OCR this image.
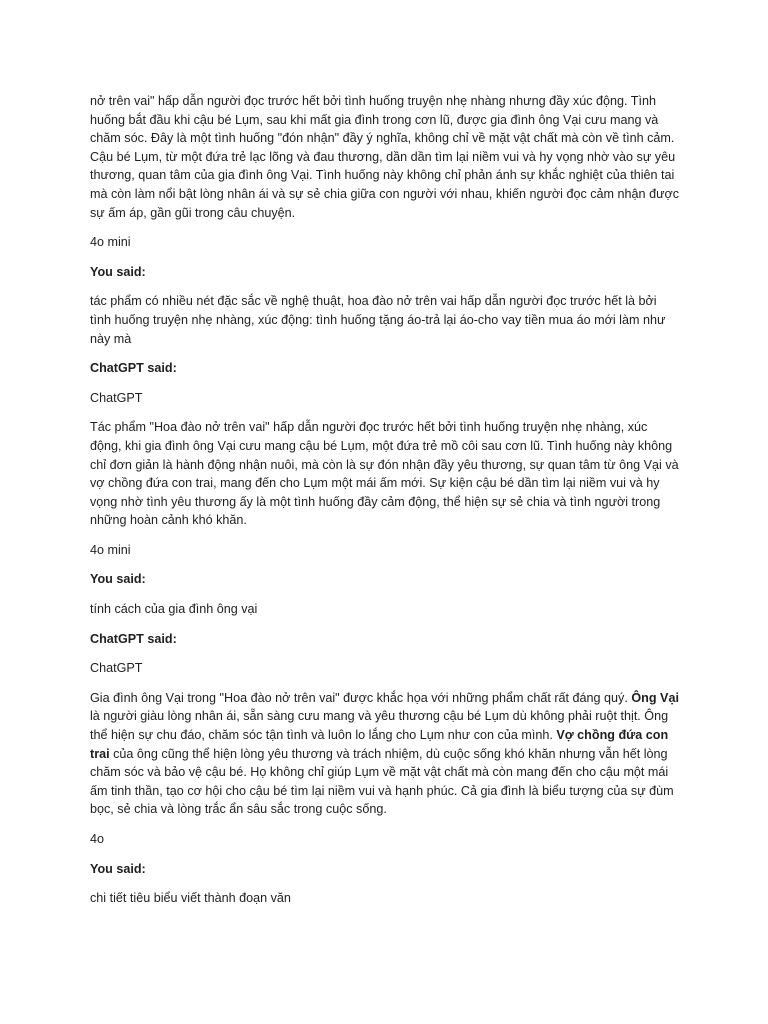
nở trên vai" hấp dẫn người đọc trước hết bởi tình huống truyện nhẹ nhàng nhưng đầy xúc động. Tình huống bắt đầu khi cậu bé Lụm, sau khi mất gia đình trong cơn lũ, được gia đình ông Vại cưu mang và chăm sóc. Đây là một tình huống "đón nhận" đầy ý nghĩa, không chỉ về mặt vật chất mà còn về tình cảm. Cậu bé Lụm, từ một đứa trẻ lạc lõng và đau thương, dần dần tìm lại niềm vui và hy vọng nhờ vào sự yêu thương, quan tâm của gia đình ông Vại. Tình huống này không chỉ phản ánh sự khắc nghiệt của thiên tai mà còn làm nổi bật lòng nhân ái và sự sẻ chia giữa con người với nhau, khiến người đọc cảm nhận được sự ấm áp, gần gũi trong câu chuyện.

4o mini

You said:

tác phẩm có nhiều nét đặc sắc về nghệ thuật, hoa đào nở trên vai hấp dẫn người đọc trước hết là bởi tình huống truyện nhẹ nhàng, xúc động: tình huống tặng áo-trả lại áo-cho vay tiền mua áo mới làm như này mà

ChatGPT said:

ChatGPT

Tác phẩm "Hoa đào nở trên vai" hấp dẫn người đọc trước hết bởi tình huống truyện nhẹ nhàng, xúc động, khi gia đình ông Vại cưu mang cậu bé Lụm, một đứa trẻ mồ côi sau cơn lũ. Tình huống này không chỉ đơn giản là hành động nhận nuôi, mà còn là sự đón nhận đầy yêu thương, sự quan tâm từ ông Vại và vợ chồng đứa con trai, mang đến cho Lụm một mái ấm mới. Sự kiện cậu bé dần tìm lại niềm vui và hy vọng nhờ tình yêu thương ấy là một tình huống đầy cảm động, thể hiện sự sẻ chia và tình người trong những hoàn cảnh khó khăn.

4o mini

You said:

tính cách của gia đình ông vại

ChatGPT said:

ChatGPT

Gia đình ông Vại trong "Hoa đào nở trên vai" được khắc họa với những phẩm chất rất đáng quý. Ông Vại là người giàu lòng nhân ái, sẵn sàng cưu mang và yêu thương cậu bé Lụm dù không phải ruột thịt. Ông thể hiện sự chu đáo, chăm sóc tận tình và luôn lo lắng cho Lụm như con của mình. Vợ chồng đứa con trai của ông cũng thể hiện lòng yêu thương và trách nhiệm, dù cuộc sống khó khăn nhưng vẫn hết lòng chăm sóc và bảo vệ cậu bé. Họ không chỉ giúp Lụm về mặt vật chất mà còn mang đến cho cậu một mái ấm tinh thần, tạo cơ hội cho cậu bé tìm lại niềm vui và hạnh phúc. Cả gia đình là biểu tượng của sự đùm bọc, sẻ chia và lòng trắc ẩn sâu sắc trong cuộc sống.

4o

You said:

chi tiết tiêu biểu viết thành đoạn văn
